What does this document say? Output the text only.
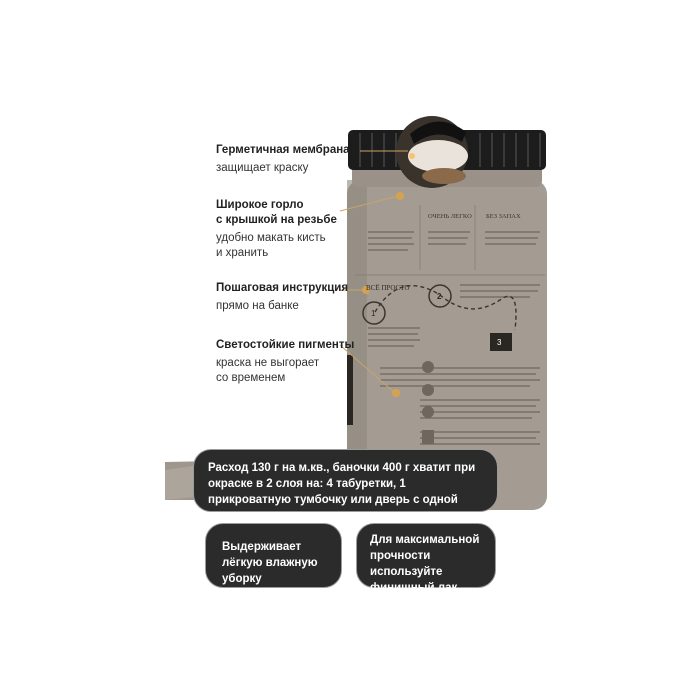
ОЧЕНЬ ЛЕГКО БЕЗ ЗАПАХ
ВСЁ ПРОСТО
1
2
3
Герметичная мембрана
защищает краску
Широкое горло
с крышкой на резьбе
удобно макать кисть
и хранить
Пошаговая инструкция
прямо на банке
Светостойкие пигменты
краска не выгорает
со временем
Расход 130 г на м.кв., баночки 400 г хватит при окраске в 2 слоя на: 4 табуретки, 1 прикроватную тумбочку или дверь с одной стороны
Выдерживает лёгкую влажную уборку
Для максимальной прочности используйте финишный лак
